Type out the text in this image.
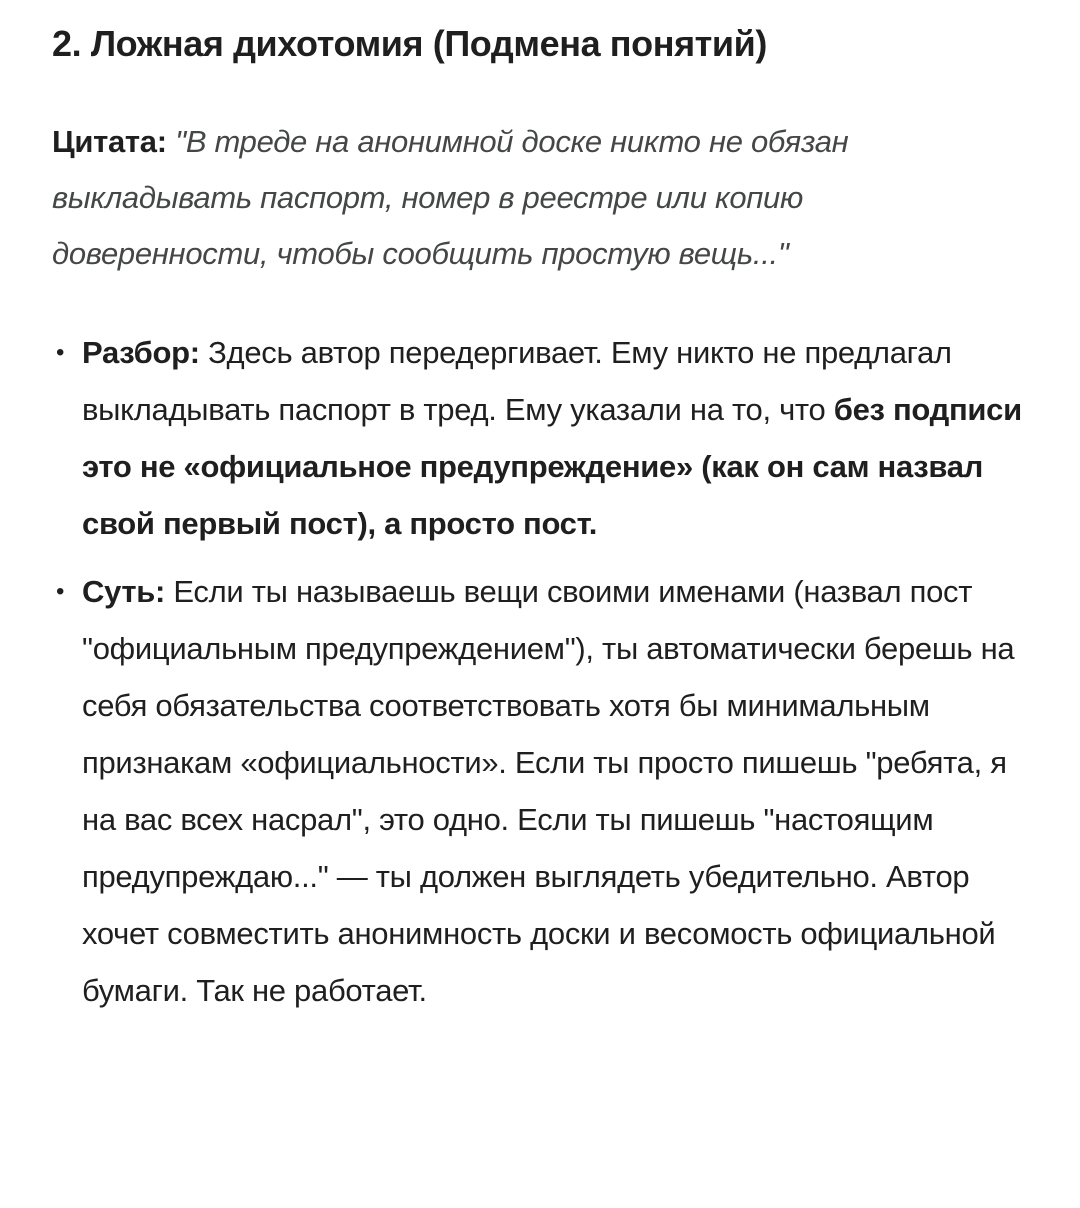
2. Ложная дихотомия (Подмена понятий)

Цитата: "В треде на анонимной доске никто не обязан выкладывать паспорт, номер в реестре или копию доверенности, чтобы сообщить простую вещь..."

• Разбор: Здесь автор передергивает. Ему никто не предлагал выкладывать паспорт в тред. Ему указали на то, что без подписи это не «официальное предупреждение» (как он сам назвал свой первый пост), а просто пост.
• Суть: Если ты называешь вещи своими именами (назвал пост "официальным предупреждением"), ты автоматически берешь на себя обязательства соответствовать хотя бы минимальным признакам «официальности». Если ты просто пишешь "ребята, я на вас всех насрал", это одно. Если ты пишешь "настоящим предупреждаю..." — ты должен выглядеть убедительно. Автор хочет совместить анонимность доски и весомость официальной бумаги. Так не работает.
